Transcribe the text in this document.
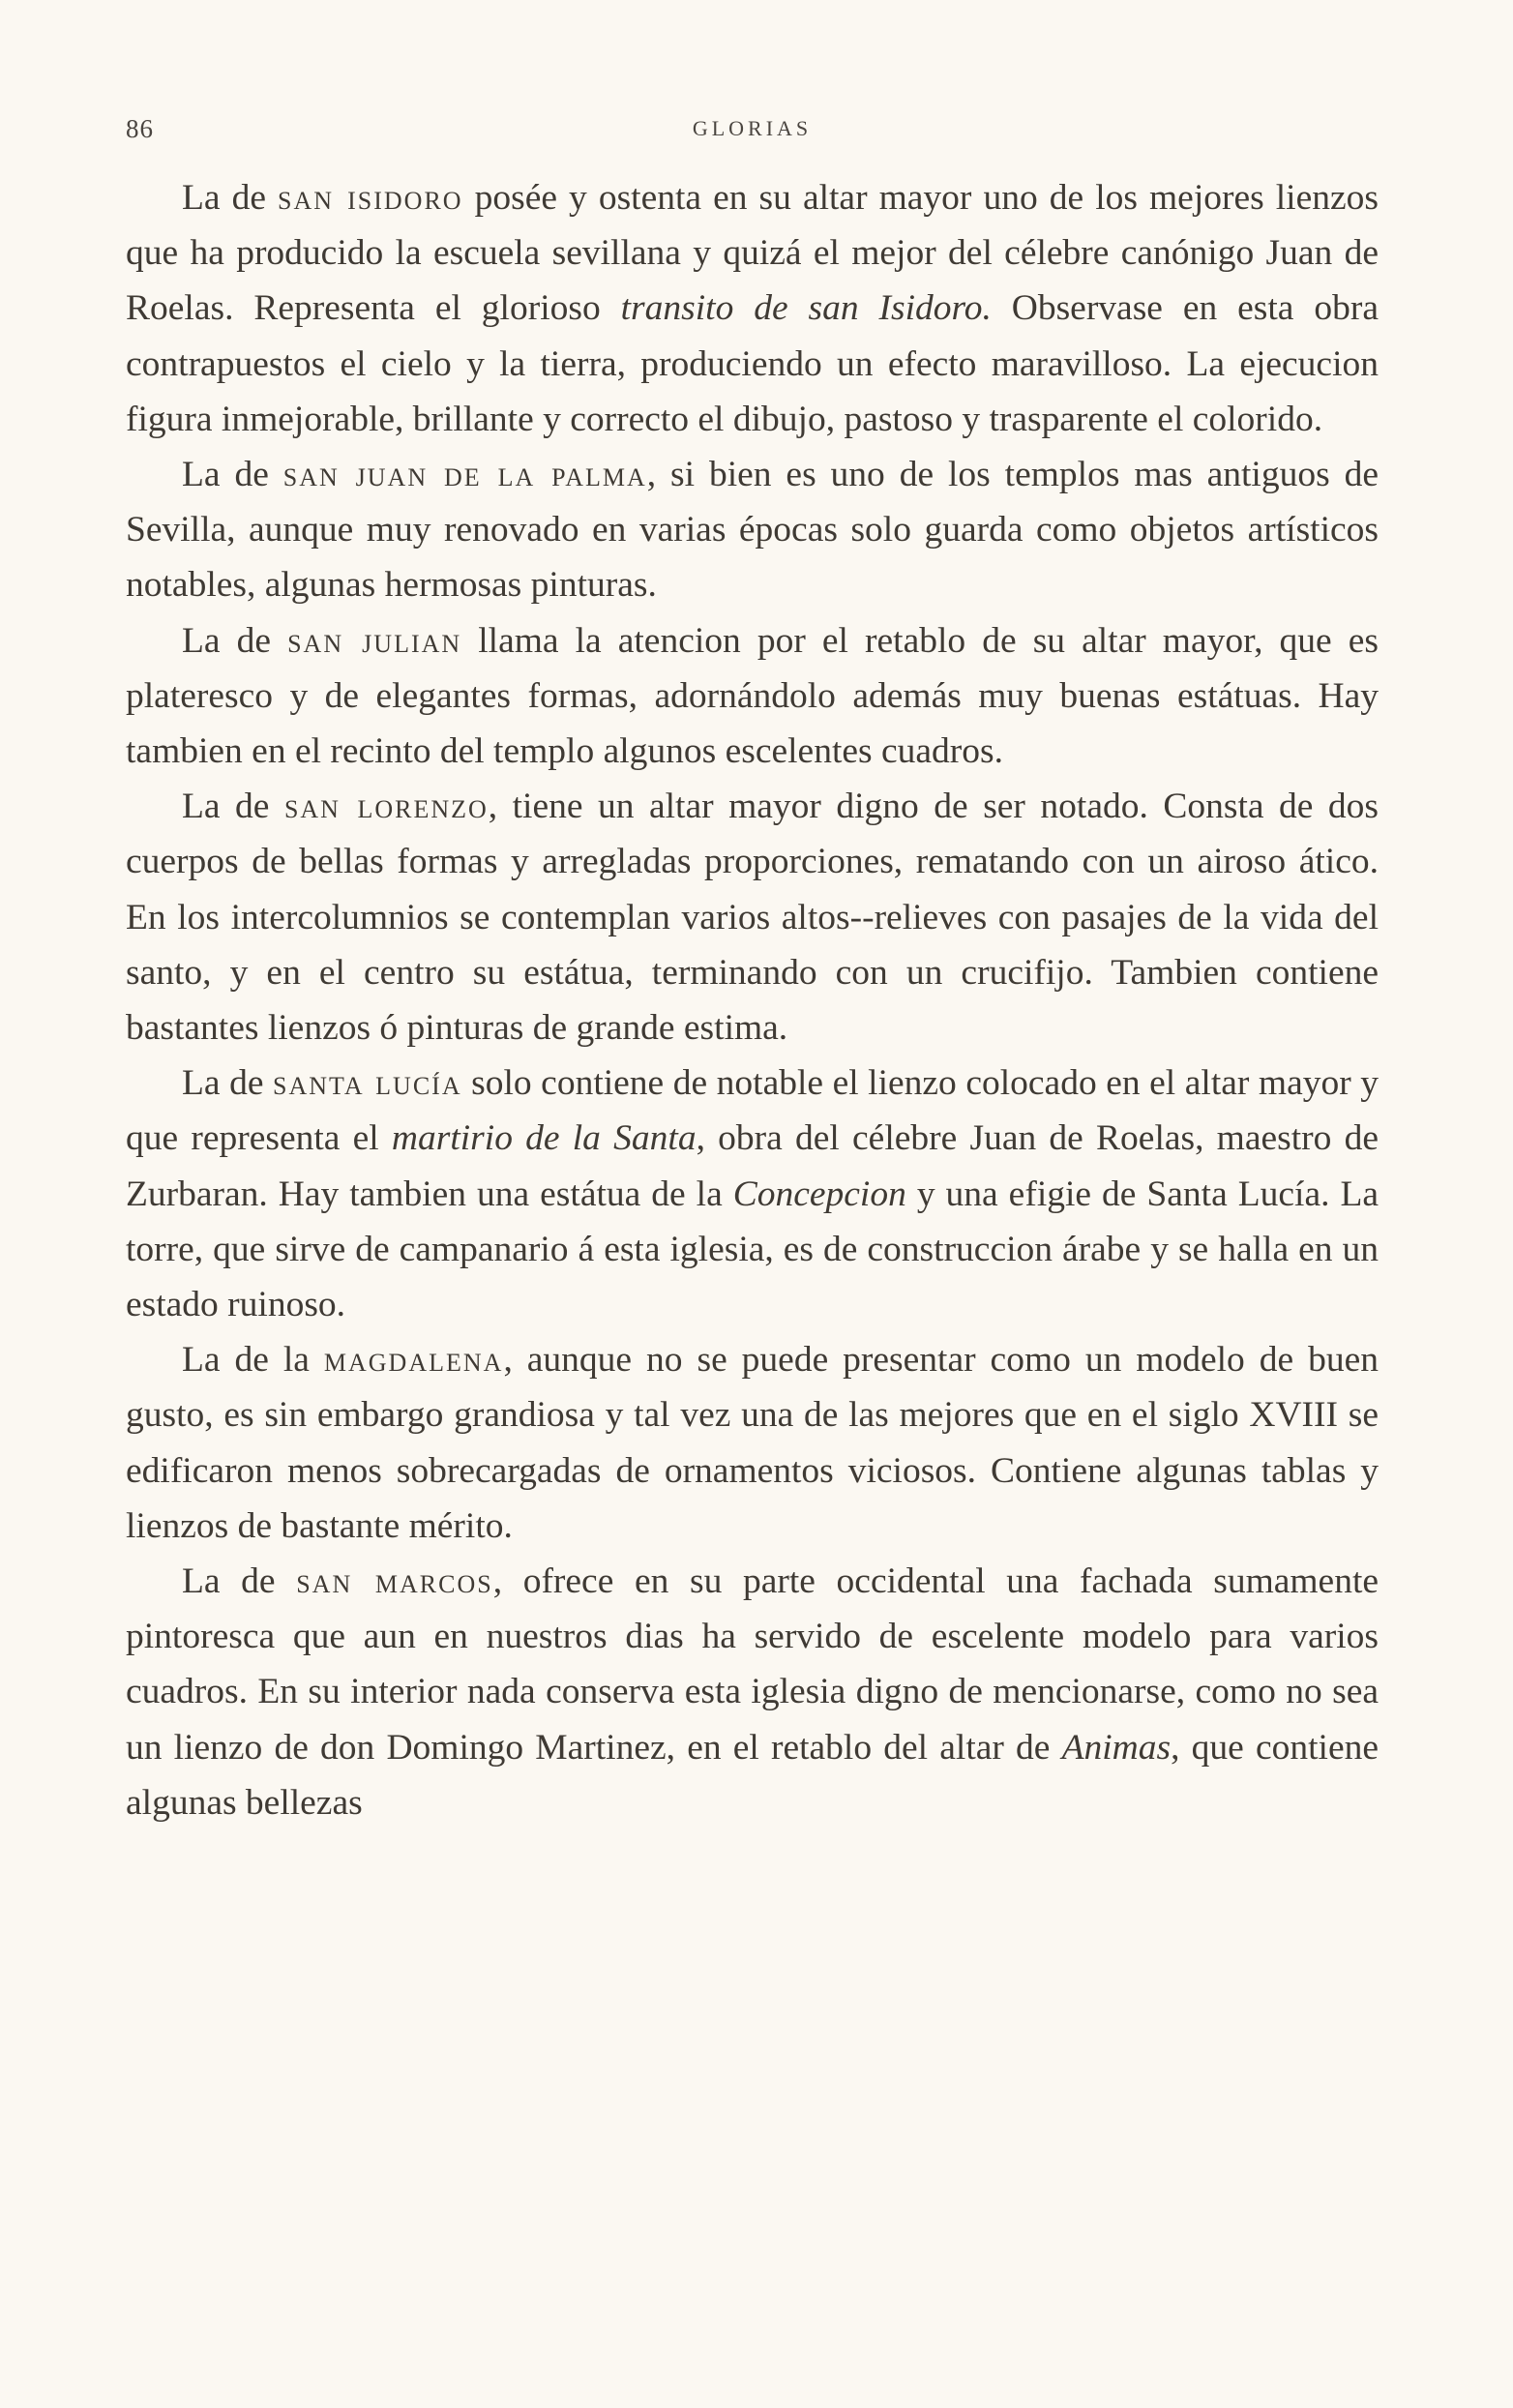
86	GLORIAS

La de san isidoro posée y ostenta en su altar mayor uno de los mejores lienzos que ha producido la escuela sevillana y quizá el mejor del célebre canónigo Juan de Roelas. Representa el glorioso transito de san Isidoro. Observase en esta obra contrapuestos el cielo y la tierra, produciendo un efecto maravilloso. La ejecucion figura inmejorable, brillante y correcto el dibujo, pastoso y trasparente el colorido.

La de san juan de la palma, si bien es uno de los templos mas antiguos de Sevilla, aunque muy renovado en varias épocas solo guarda como objetos artísticos notables, algunas hermosas pinturas.

La de san julian llama la atencion por el retablo de su altar mayor, que es plateresco y de elegantes formas, adornándolo además muy buenas estátuas. Hay tambien en el recinto del templo algunos escelentes cuadros.

La de san lorenzo, tiene un altar mayor digno de ser notado. Consta de dos cuerpos de bellas formas y arregladas proporciones, rematando con un airoso ático. En los intercolumnios se contemplan varios altos--relieves con pasajes de la vida del santo, y en el centro su estátua, terminando con un crucifijo. Tambien contiene bastantes lienzos ó pinturas de grande estima.

La de santa lucía solo contiene de notable el lienzo colocado en el altar mayor y que representa el martirio de la Santa, obra del célebre Juan de Roelas, maestro de Zurbaran. Hay tambien una estátua de la Concepcion y una efigie de Santa Lucía. La torre, que sirve de campanario á esta iglesia, es de construccion árabe y se halla en un estado ruinoso.

La de la magdalena, aunque no se puede presentar como un modelo de buen gusto, es sin embargo grandiosa y tal vez una de las mejores que en el siglo XVIII se edificaron menos sobrecargadas de ornamentos viciosos. Contiene algunas tablas y lienzos de bastante mérito.

La de san marcos, ofrece en su parte occidental una fachada sumamente pintoresca que aun en nuestros dias ha servido de escelente modelo para varios cuadros. En su interior nada conserva esta iglesia digno de mencionarse, como no sea un lienzo de don Domingo Martinez, en el retablo del altar de Animas, que contiene algunas bellezas
